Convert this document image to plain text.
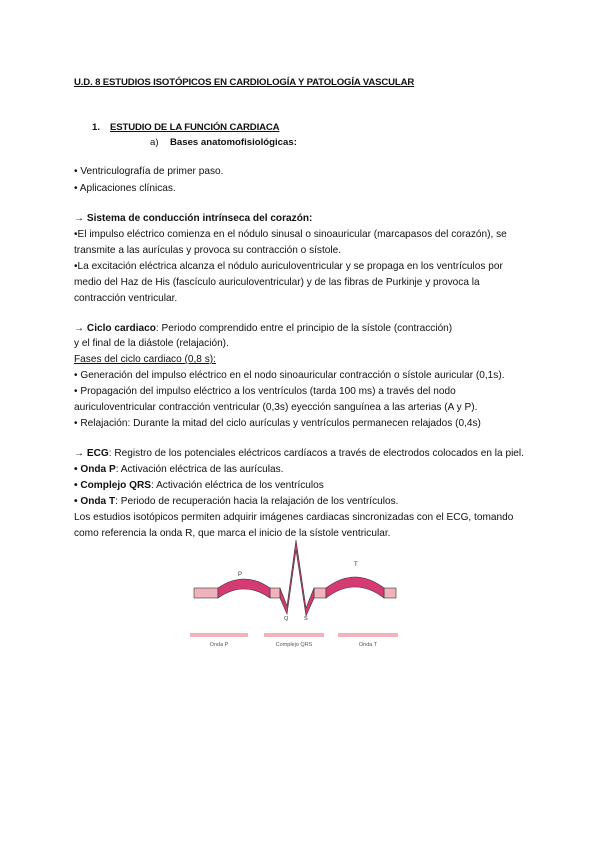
U.D. 8 ESTUDIOS ISOTÓPICOS EN CARDIOLOGÍA Y PATOLOGÍA VASCULAR

1. ESTUDIO DE LA FUNCIÓN CARDIACA

a) Bases anatomofisiológicas:

• Ventriculografía de primer paso.

• Aplicaciones clínicas.

→ Sistema de conducción intrínseca del corazón:

•El impulso eléctrico comienza en el nódulo sinusal o sinoauricular (marcapasos del corazón), se

transmite a las aurículas y provoca su contracción o sístole.

•La excitación eléctrica alcanza el nódulo auriculoventricular y se propaga en los ventrículos por

medio del Haz de His (fascículo auriculoventricular) y de las fibras de Purkinje y provoca la

contracción ventricular.

→ Ciclo cardiaco: Periodo comprendido entre el principio de la sístole (contracción)

y el final de la diástole (relajación).

Fases del ciclo cardiaco (0,8 s):

• Generación del impulso eléctrico en el nodo sinoauricular contracción o sístole auricular (0,1s).

• Propagación del impulso eléctrico a los ventrículos (tarda 100 ms) a través del nodo

auriculoventricular contracción ventricular (0,3s) eyección sanguínea a las arterias (A y P).

• Relajación: Durante la mitad del ciclo aurículas y ventrículos permanecen relajados (0,4s)

→ ECG: Registro de los potenciales eléctricos cardíacos a través de electrodos colocados en la piel.

• Onda P: Activación eléctrica de las aurículas.

• Complejo QRS: Activación eléctrica de los ventrículos

• Onda T: Periodo de recuperación hacia la relajación de los ventrículos.

Los estudios isotópicos permiten adquirir imágenes cardiacas sincronizadas con el ECG, tomando

como referencia la onda R, que marca el inicio de la sístole ventricular.

P
T
Q	S
Onda P	Complejo QRS	Onda T
